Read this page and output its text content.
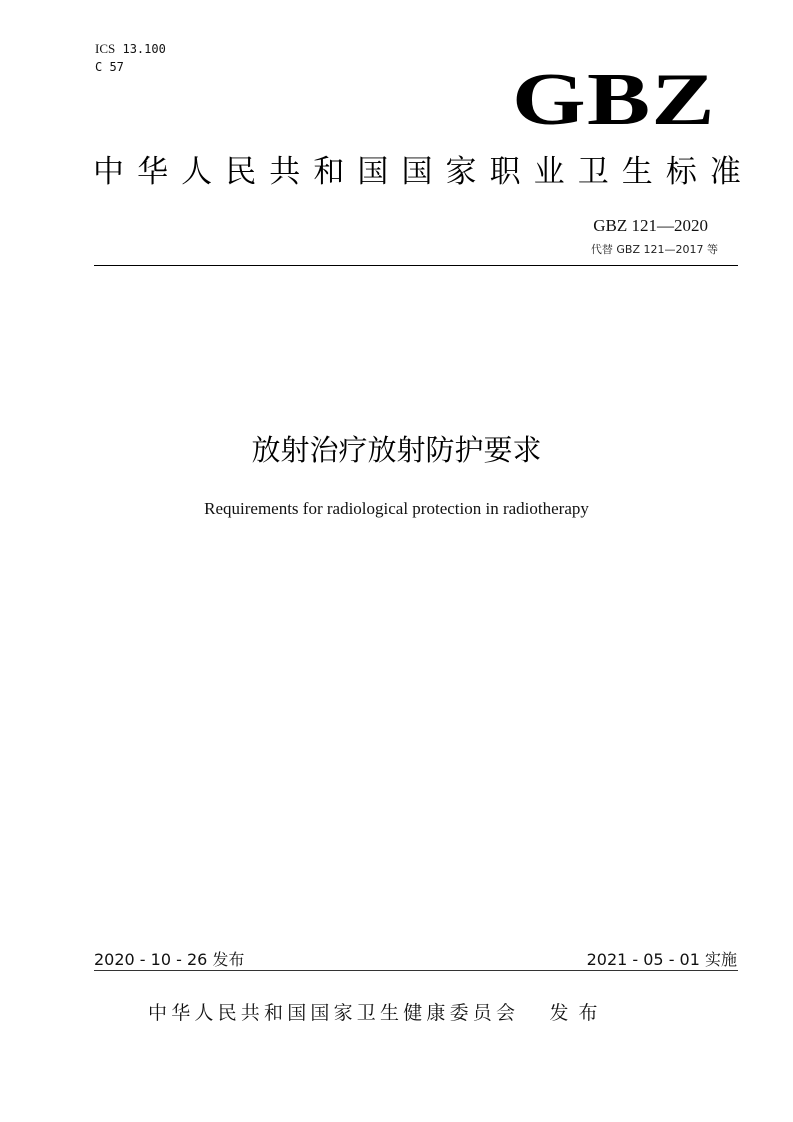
ICS 13.100
C 57	GBZ
中 华 人 民 共 和 国 国 家 职 业 卫 生 标 准
GBZ 121—2020
代替 GBZ 121—2017 等
放射治疗放射防护要求
Requirements for radiological protection in radiotherapy
2020 - 10 - 26 发布	2021 - 05 - 01 实施
中华人民共和国国家卫生健康委员会 发布
